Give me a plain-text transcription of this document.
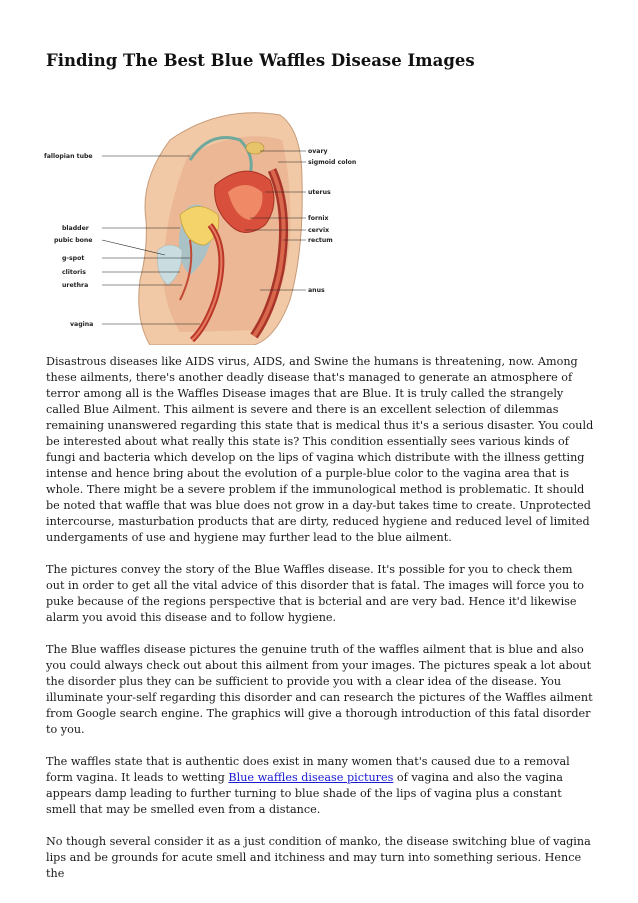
Finding The Best Blue Waffles Disease Images
fallopian tube
bladder
pubic bone
g-spot
clitoris
urethra
vagina
ovary
sigmoid colon
uterus
fornix
cervix
rectum
anus

Disastrous diseases like AIDS virus, AIDS, and Swine the humans is threatening, now. Among these ailments, there's another deadly disease that's managed to generate an atmosphere of terror among all is the Waffles Disease images that are Blue. It is truly called the strangely called Blue Ailment. This ailment is severe and there is an excellent selection of dilemmas remaining unanswered regarding this state that is medical thus it's a serious disaster. You could be interested about what really this state is? This condition essentially sees various kinds of fungi and bacteria which develop on the lips of vagina which distribute with the illness getting intense and hence bring about the evolution of a purple-blue color to the vagina area that is whole. There might be a severe problem if the immunological method is problematic. It should be noted that waffle that was blue does not grow in a day-but takes time to create. Unprotected intercourse, masturbation products that are dirty, reduced hygiene and reduced level of limited undergaments of use and hygiene may further lead to the blue ailment.

The pictures convey the story of the Blue Waffles disease. It's possible for you to check them out in order to get all the vital advice of this disorder that is fatal. The images will force you to puke because of the regions perspective that is bcterial and are very bad. Hence it'd likewise alarm you avoid this disease and to follow hygiene.

The Blue waffles disease pictures the genuine truth of the waffles ailment that is blue and also you could always check out about this ailment from your images. The pictures speak a lot about the disorder plus they can be sufficient to provide you with a clear idea of the disease. You illuminate your-self regarding this disorder and can research the pictures of the Waffles ailment from Google search engine. The graphics will give a thorough introduction of this fatal disorder to you.

The waffles state that is authentic does exist in many women that's caused due to a removal form vagina. It leads to wetting Blue waffles disease pictures of vagina and also the vagina appears damp leading to further turning to blue shade of the lips of vagina plus a constant smell that may be smelled even from a distance.

No though several consider it as a just condition of manko, the disease switching blue of vagina lips and be grounds for acute smell and itchiness and may turn into something serious. Hence the
